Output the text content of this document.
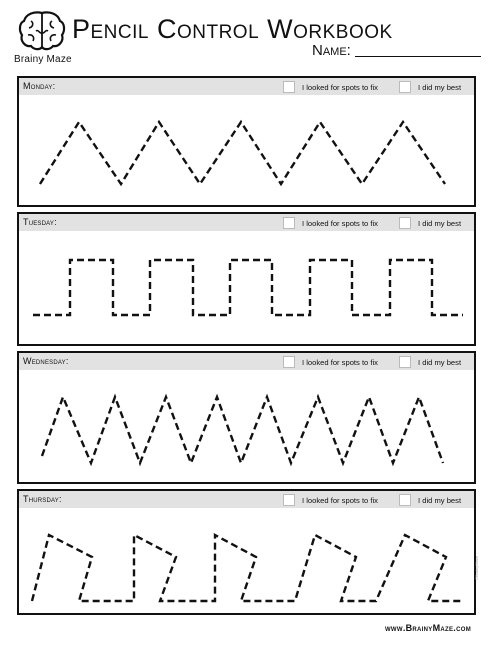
Brainy Maze
Pencil Control Workbook
Name:
Monday:	I looked for spots to fix	I did my best
Tuesday:	I looked for spots to fix	I did my best
Wednesday:	I looked for spots to fix	I did my best
Thursday:	I looked for spots to fix	I did my best
©BrainyMaze
www.BrainyMaze.com
